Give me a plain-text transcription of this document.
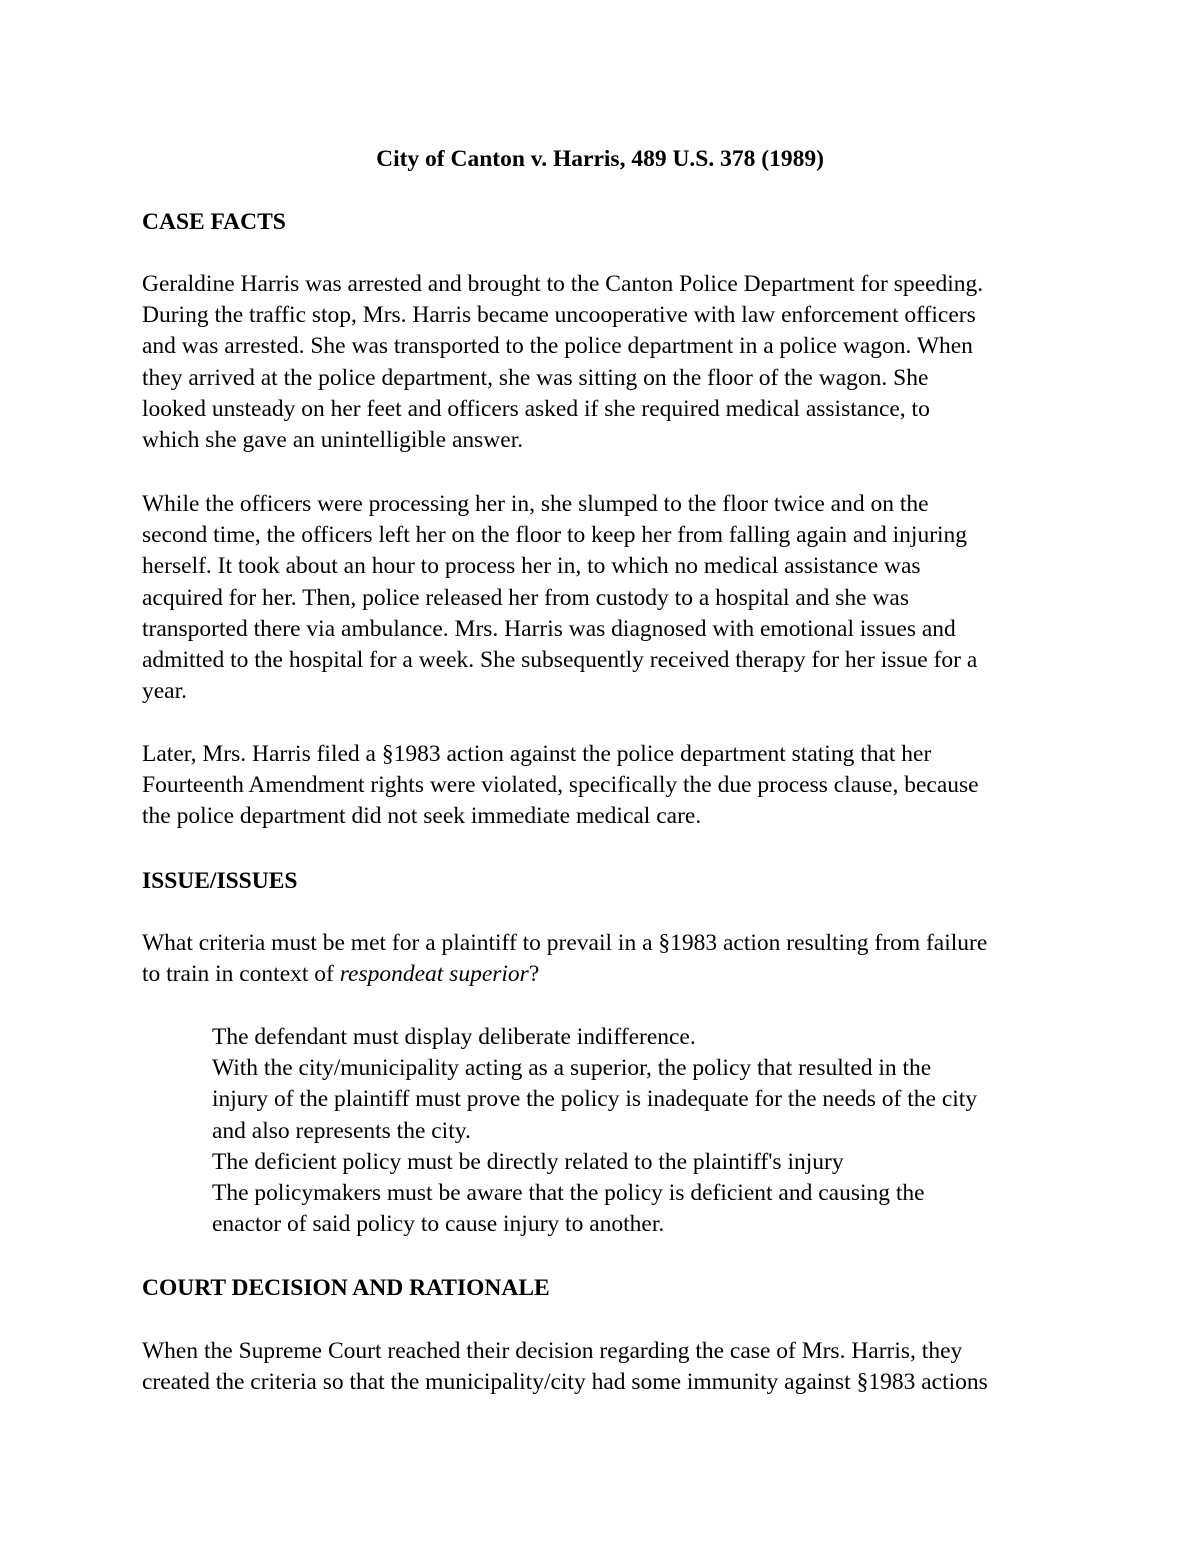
City of Canton v. Harris, 489 U.S. 378 (1989)
CASE FACTS
Geraldine Harris was arrested and brought to the Canton Police Department for speeding.
During the traffic stop, Mrs. Harris became uncooperative with law enforcement officers
and was arrested. She was transported to the police department in a police wagon. When
they arrived at the police department, she was sitting on the floor of the wagon. She
looked unsteady on her feet and officers asked if she required medical assistance, to
which she gave an unintelligible answer.
While the officers were processing her in, she slumped to the floor twice and on the
second time, the officers left her on the floor to keep her from falling again and injuring
herself. It took about an hour to process her in, to which no medical assistance was
acquired for her. Then, police released her from custody to a hospital and she was
transported there via ambulance. Mrs. Harris was diagnosed with emotional issues and
admitted to the hospital for a week. She subsequently received therapy for her issue for a
year.
Later, Mrs. Harris filed a §1983 action against the police department stating that her
Fourteenth Amendment rights were violated, specifically the due process clause, because
the police department did not seek immediate medical care.
ISSUE/ISSUES
What criteria must be met for a plaintiff to prevail in a §1983 action resulting from failure
to train in context of respondeat superior?
The defendant must display deliberate indifference.
With the city/municipality acting as a superior, the policy that resulted in the
injury of the plaintiff must prove the policy is inadequate for the needs of the city
and also represents the city.
The deficient policy must be directly related to the plaintiff's injury
The policymakers must be aware that the policy is deficient and causing the
enactor of said policy to cause injury to another.
COURT DECISION AND RATIONALE
When the Supreme Court reached their decision regarding the case of Mrs. Harris, they
created the criteria so that the municipality/city had some immunity against §1983 actions
